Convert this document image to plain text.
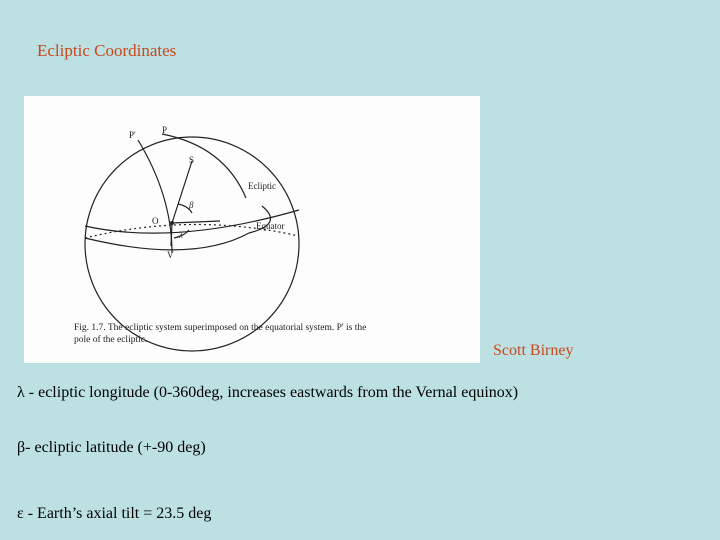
Ecliptic Coordinates
P'	P
S
Ecliptic
β
O	Equator
λ
V
Fig. 1.7. The ecliptic system superimposed on the equatorial system. P' is the
pole of the ecliptic.
Scott Birney
λ - ecliptic longitude (0-360deg, increases eastwards from the Vernal equinox)
β- ecliptic latitude (+-90 deg)
ε - Earth’s axial tilt = 23.5 deg
